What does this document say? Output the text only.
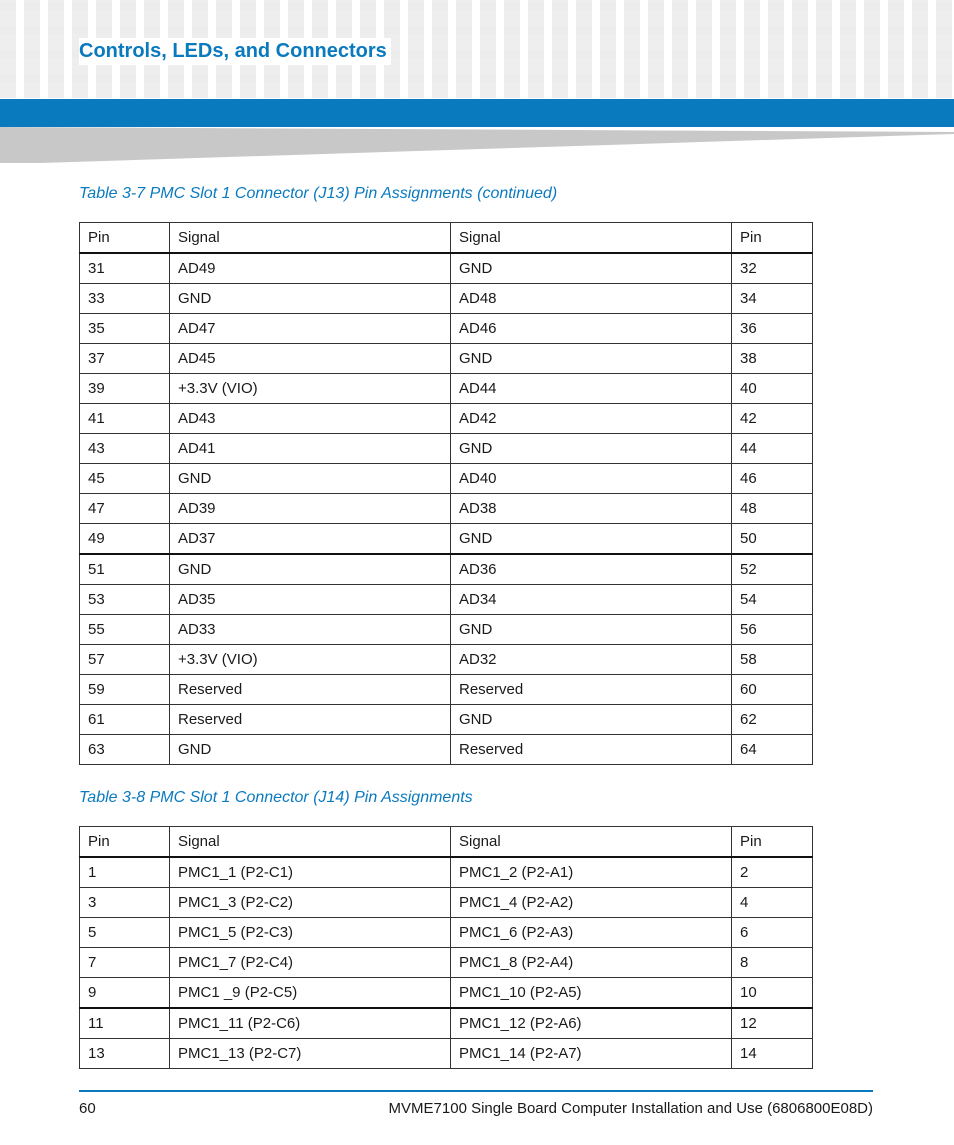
Controls, LEDs, and Connectors
Table 3-7 PMC Slot 1 Connector (J13) Pin Assignments (continued)
Pin	Signal	Signal	Pin
31	AD49	GND	32
33	GND	AD48	34
35	AD47	AD46	36
37	AD45	GND	38
39	+3.3V (VIO)	AD44	40
41	AD43	AD42	42
43	AD41	GND	44
45	GND	AD40	46
47	AD39	AD38	48
49	AD37	GND	50
51	GND	AD36	52
53	AD35	AD34	54
55	AD33	GND	56
57	+3.3V (VIO)	AD32	58
59	Reserved	Reserved	60
61	Reserved	GND	62
63	GND	Reserved	64
Table 3-8 PMC Slot 1 Connector (J14) Pin Assignments
Pin	Signal	Signal	Pin
1	PMC1_1 (P2-C1)	PMC1_2 (P2-A1)	2
3	PMC1_3 (P2-C2)	PMC1_4 (P2-A2)	4
5	PMC1_5 (P2-C3)	PMC1_6 (P2-A3)	6
7	PMC1_7 (P2-C4)	PMC1_8 (P2-A4)	8
9	PMC1 _9 (P2-C5)	PMC1_10 (P2-A5)	10
11	PMC1_11 (P2-C6)	PMC1_12 (P2-A6)	12
13	PMC1_13 (P2-C7)	PMC1_14 (P2-A7)	14
60	MVME7100 Single Board Computer Installation and Use (6806800E08D)
